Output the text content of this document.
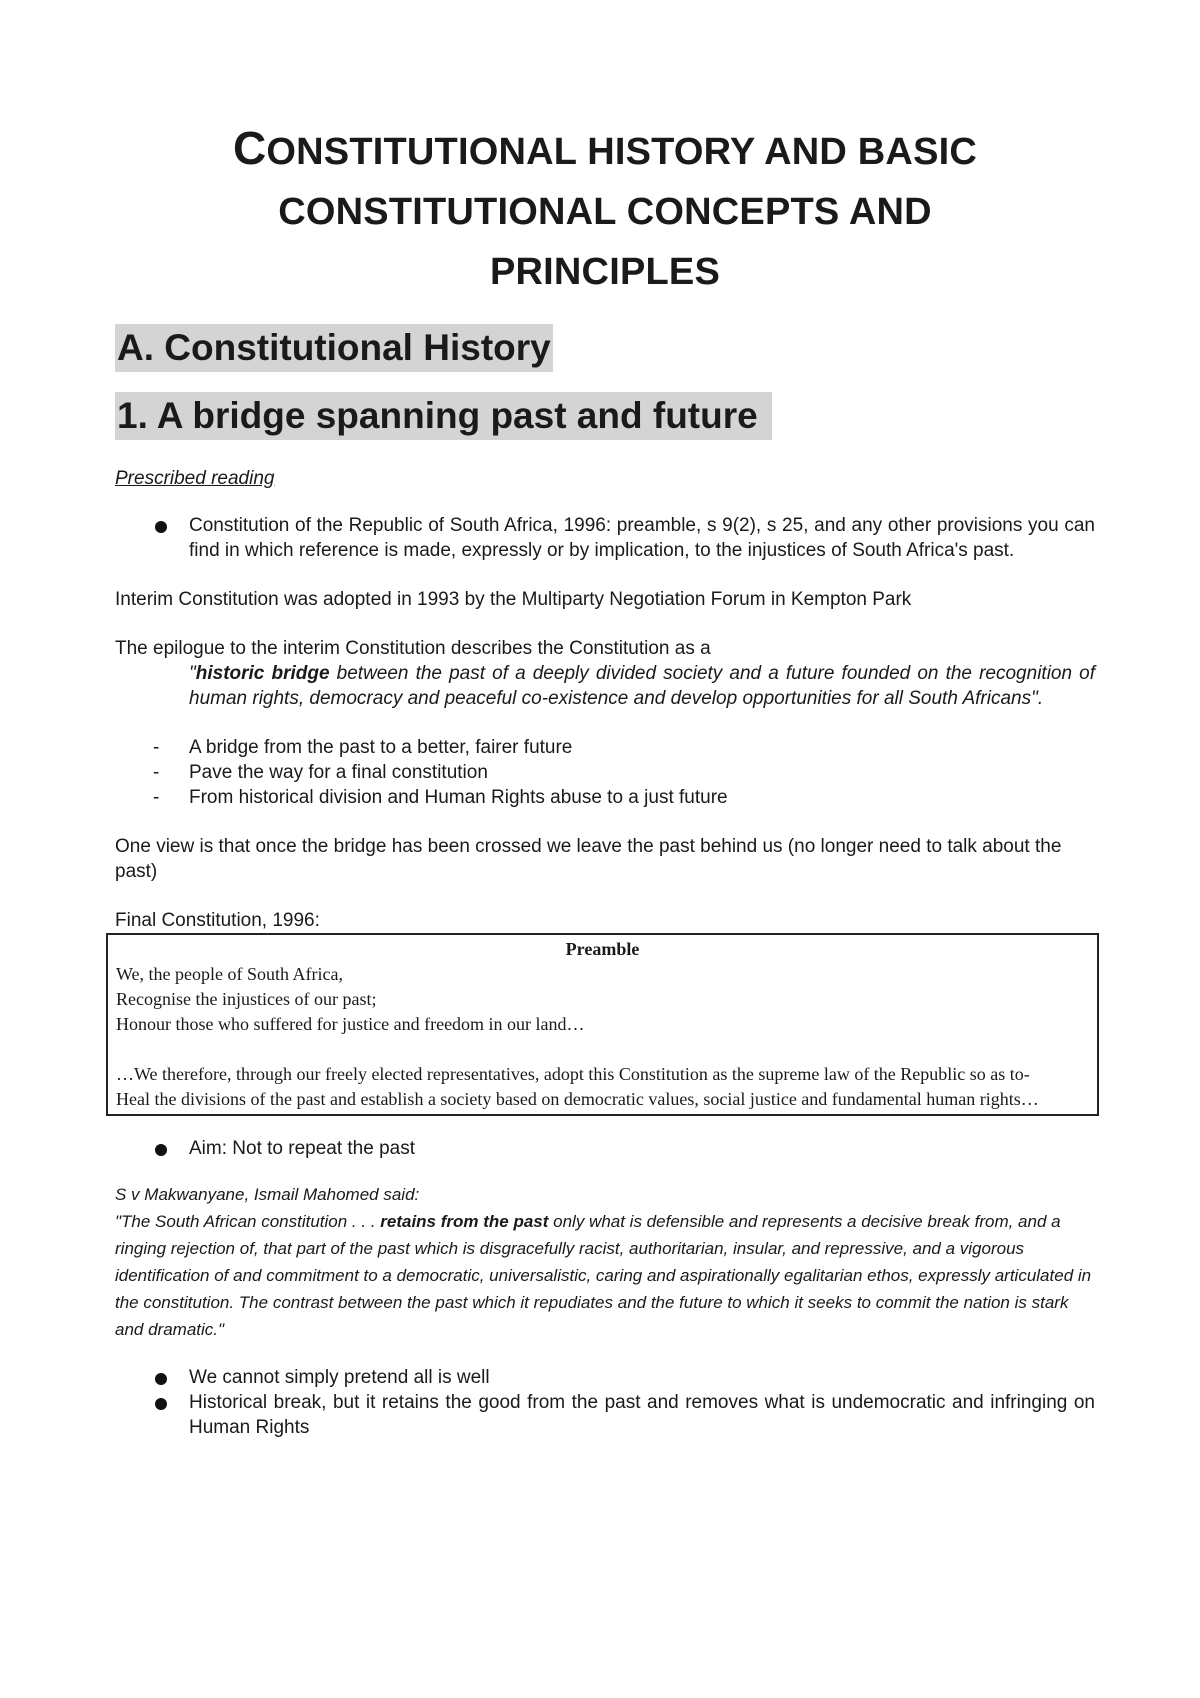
CONSTITUTIONAL HISTORY AND BASIC
CONSTITUTIONAL CONCEPTS AND
PRINCIPLES
A. Constitutional History
1. A bridge spanning past and future

Prescribed reading

Constitution of the Republic of South Africa, 1996: preamble, s 9(2), s 25, and any other provisions you can find in which reference is made, expressly or by implication, to the injustices of South Africa's past.

Interim Constitution was adopted in 1993 by the Multiparty Negotiation Forum in Kempton Park

The epilogue to the interim Constitution describes the Constitution as a

"historic bridge between the past of a deeply divided society and a future founded on the recognition of human rights, democracy and peaceful co-existence and develop opportunities for all South Africans".
- A bridge from the past to a better, fairer future
- Pave the way for a final constitution
- From historical division and Human Rights abuse to a just future

One view is that once the bridge has been crossed we leave the past behind us (no longer need to talk about the past)

Final Constitution, 1996:

Preamble
We, the people of South Africa,
Recognise the injustices of our past;
Honour those who suffered for justice and freedom in our land…
…We therefore, through our freely elected representatives, adopt this Constitution as the supreme law of the Republic so as to-
Heal the divisions of the past and establish a society based on democratic values, social justice and fundamental human rights…
Aim: Not to repeat the past
S v Makwanyane, Ismail Mahomed said:
"The South African constitution . . . retains from the past only what is defensible and represents a decisive break from, and a ringing rejection of, that part of the past which is disgracefully racist, authoritarian, insular, and repressive, and a vigorous identification of and commitment to a democratic, universalistic, caring and aspirationally egalitarian ethos, expressly articulated in the constitution. The contrast between the past which it repudiates and the future to which it seeks to commit the nation is stark and dramatic."
We cannot simply pretend all is well
Historical break, but it retains the good from the past and removes what is undemocratic and infringing on Human Rights
